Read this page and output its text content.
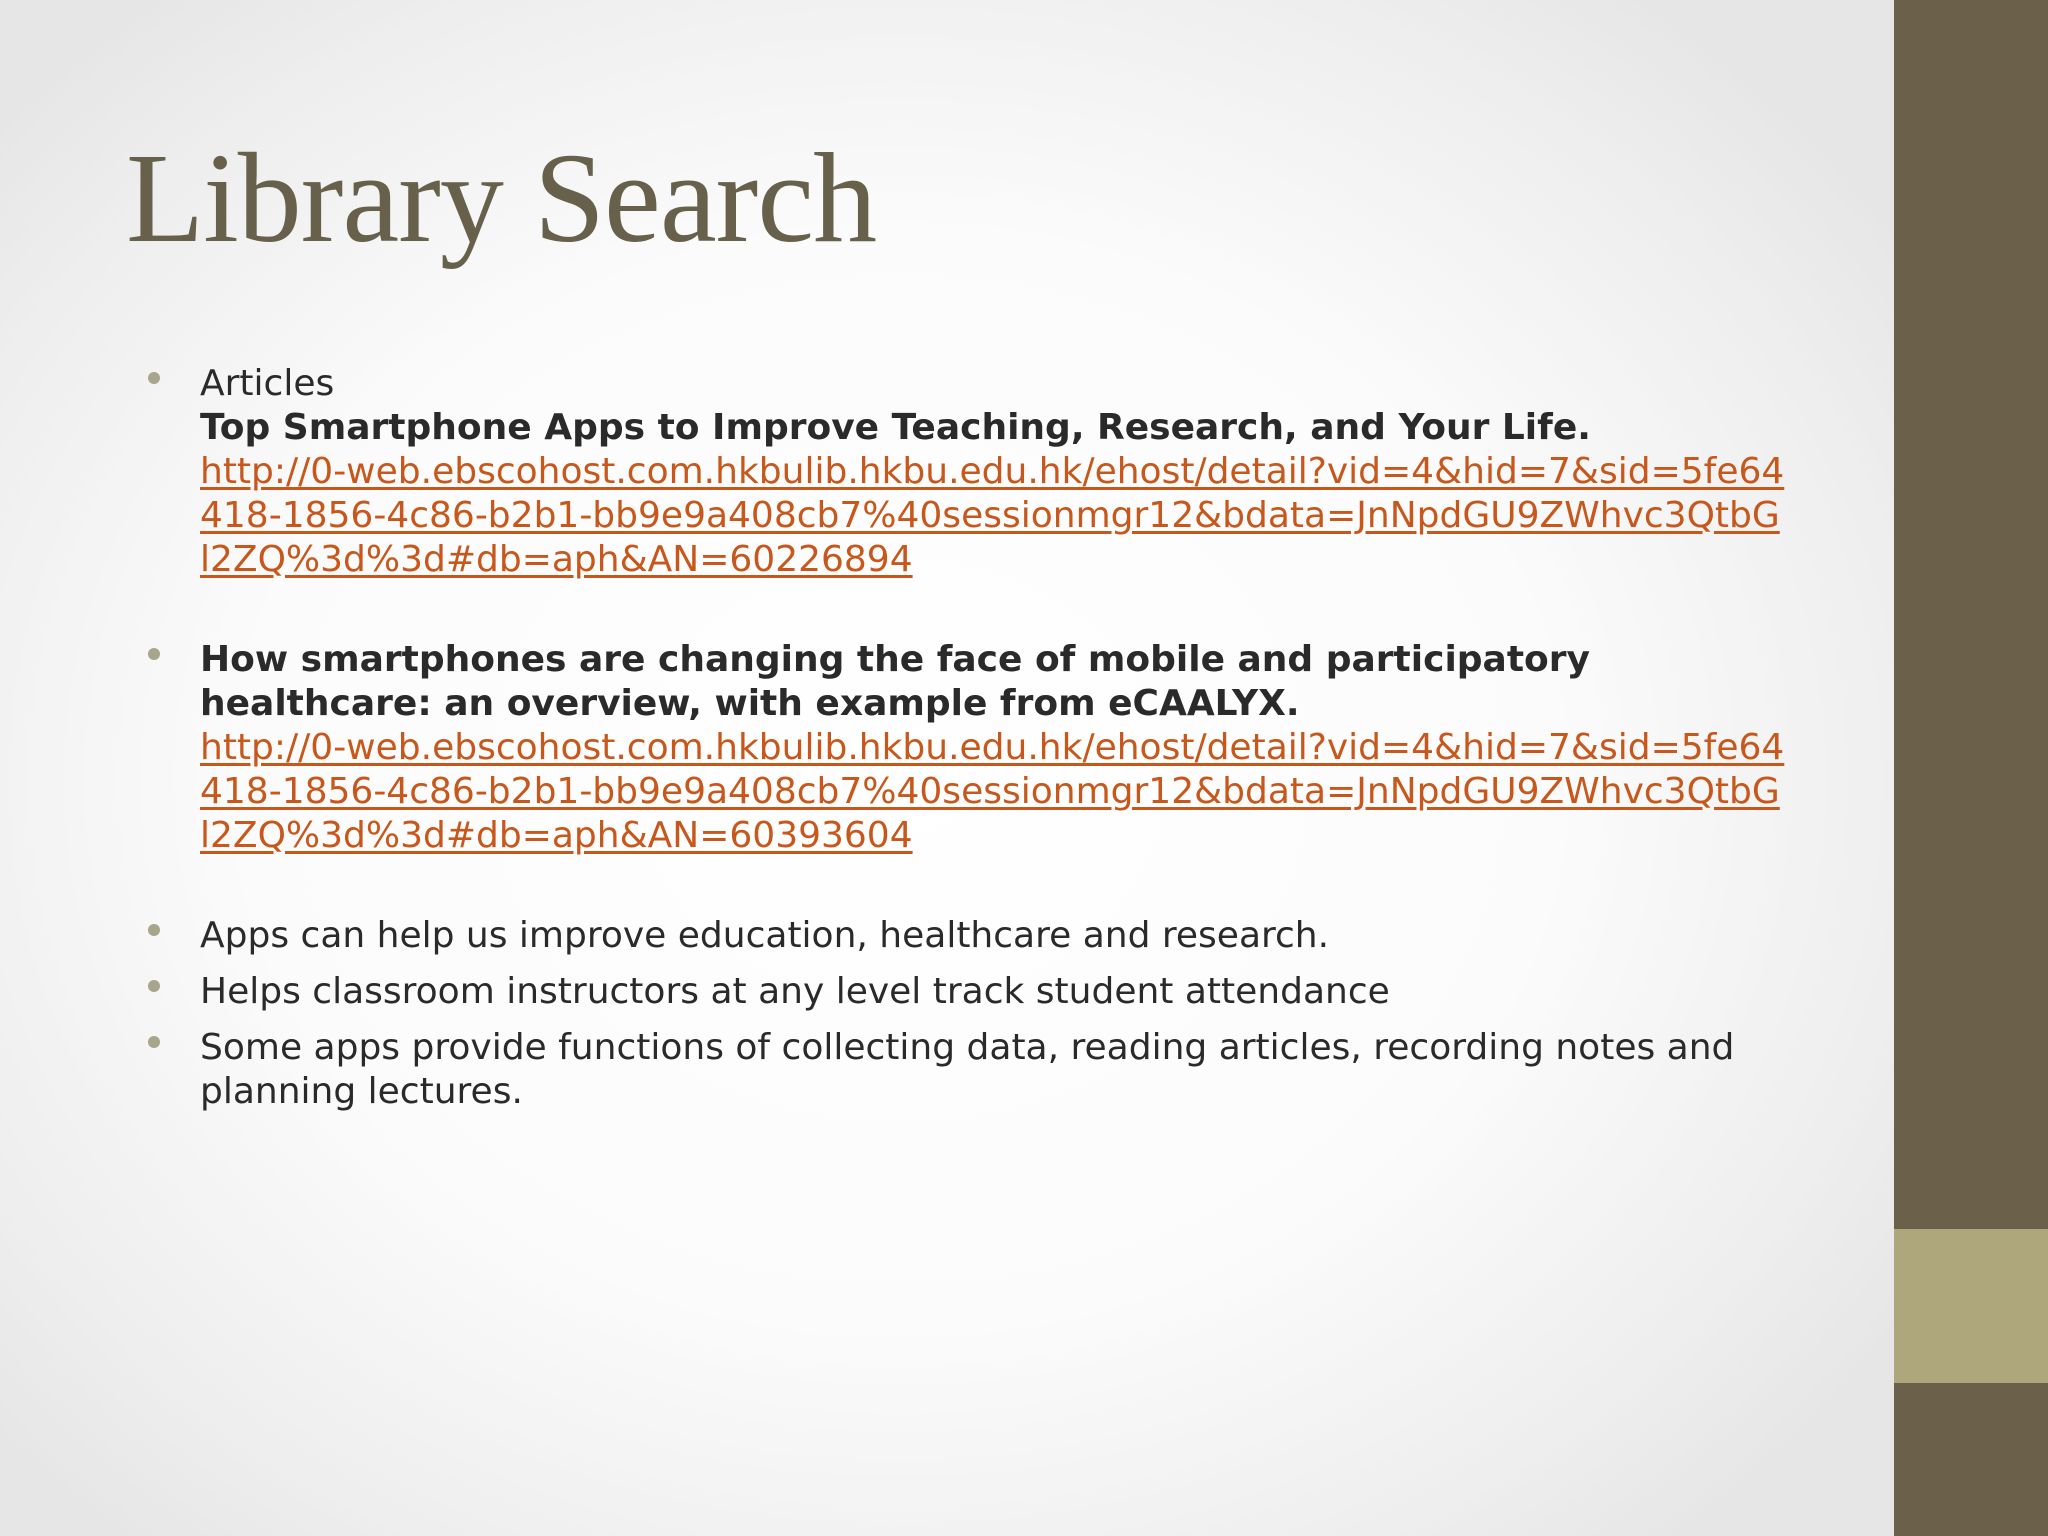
Library Search
Articles
Top Smartphone Apps to Improve Teaching, Research, and Your Life.
http://0-web.ebscohost.com.hkbulib.hkbu.edu.hk/ehost/detail?vid=4&hid=7&sid=5fe64418-1856-4c86-b2b1-bb9e9a408cb7%40sessionmgr12&bdata=JnNpdGU9ZWhvc3QtbGl2ZQ%3d%3d#db=aph&AN=60226894
How smartphones are changing the face of mobile and participatory healthcare: an overview, with example from eCAALYX.
http://0-web.ebscohost.com.hkbulib.hkbu.edu.hk/ehost/detail?vid=4&hid=7&sid=5fe64418-1856-4c86-b2b1-bb9e9a408cb7%40sessionmgr12&bdata=JnNpdGU9ZWhvc3QtbGl2ZQ%3d%3d#db=aph&AN=60393604
Apps can help us improve education, healthcare and research.
Helps classroom instructors at any level track student attendance
Some apps provide functions of collecting data, reading articles, recording notes and planning lectures.
